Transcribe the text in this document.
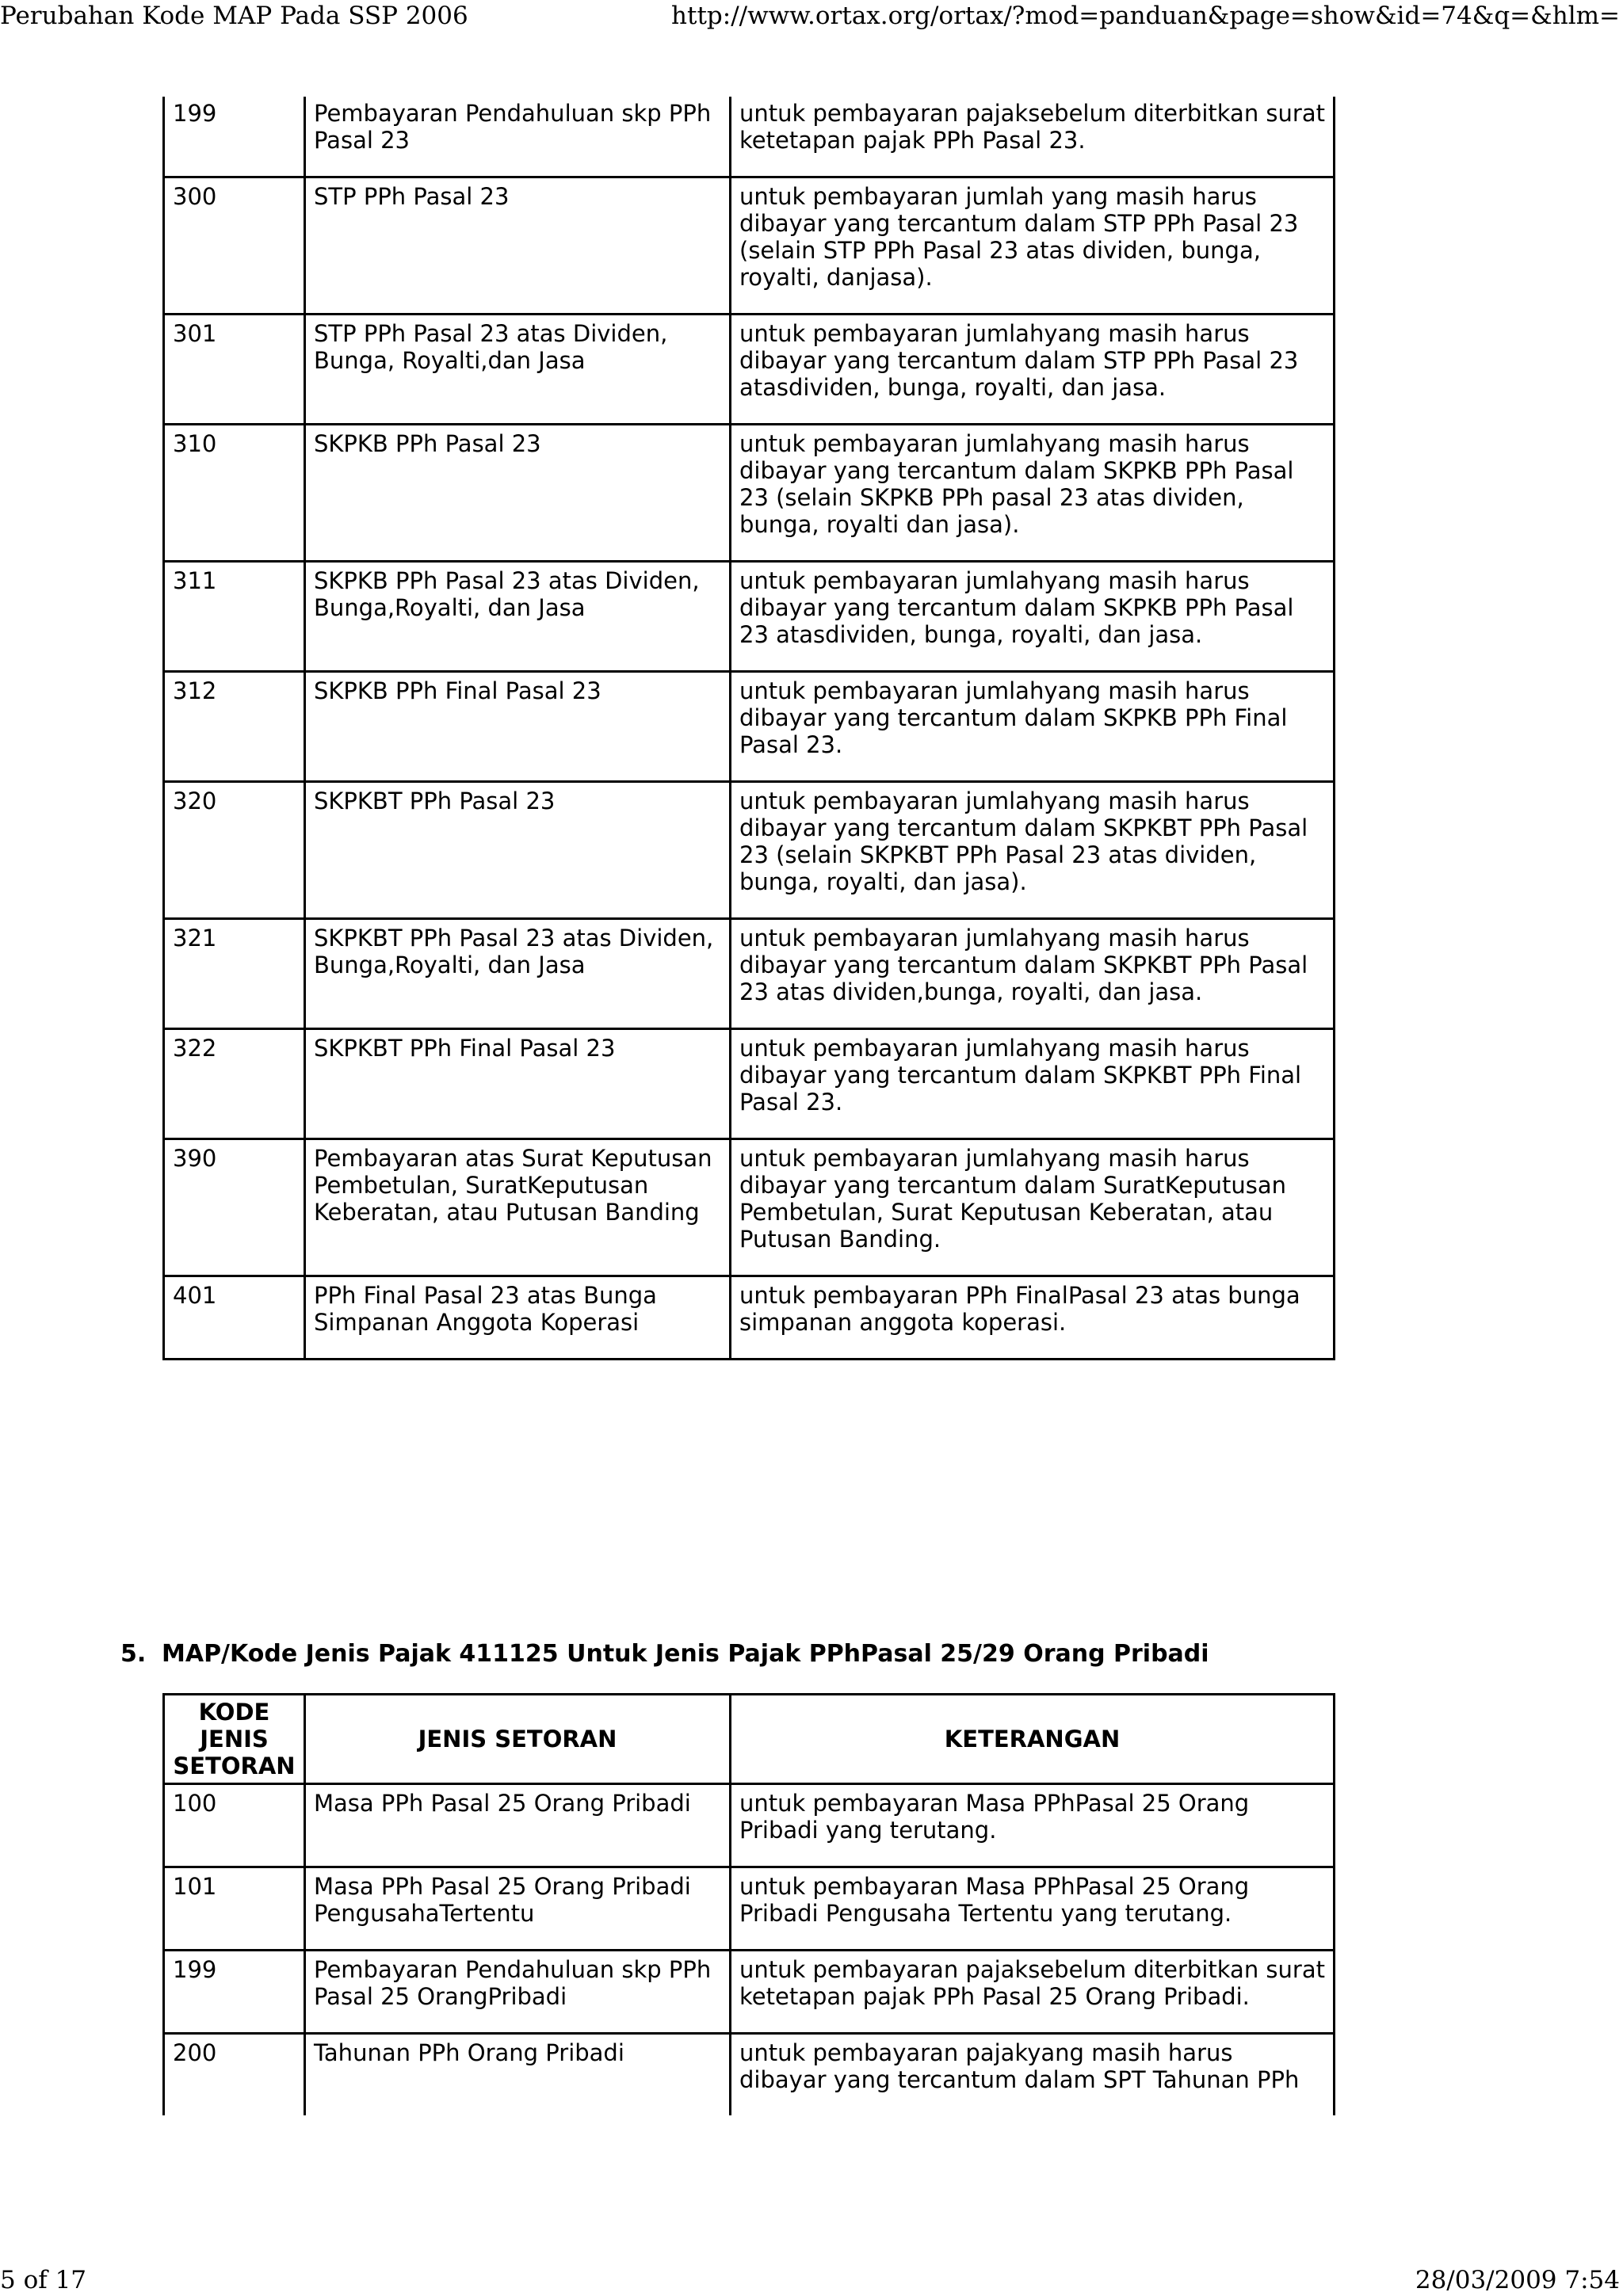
Perubahan Kode MAP Pada SSP 2006	http://www.ortax.org/ortax/?mod=panduan&page=show&id=74&q=&hlm=
199	Pembayaran Pendahuluan skp PPh Pasal 23	untuk pembayaran pajaksebelum diterbitkan surat ketetapan pajak PPh Pasal 23.
300	STP PPh Pasal 23	untuk pembayaran jumlah yang masih harus dibayar yang tercantum dalam STP PPh Pasal 23 (selain STP PPh Pasal 23 atas dividen, bunga, royalti, danjasa).
301	STP PPh Pasal 23 atas Dividen, Bunga, Royalti,dan Jasa	untuk pembayaran jumlahyang masih harus dibayar yang tercantum dalam STP PPh Pasal 23 atasdividen, bunga, royalti, dan jasa.
310	SKPKB PPh Pasal 23	untuk pembayaran jumlahyang masih harus dibayar yang tercantum dalam SKPKB PPh Pasal 23 (selain SKPKB PPh pasal 23 atas dividen, bunga, royalti dan jasa).
311	SKPKB PPh Pasal 23 atas Dividen, Bunga,Royalti, dan Jasa	untuk pembayaran jumlahyang masih harus dibayar yang tercantum dalam SKPKB PPh Pasal 23 atasdividen, bunga, royalti, dan jasa.
312	SKPKB PPh Final Pasal 23	untuk pembayaran jumlahyang masih harus dibayar yang tercantum dalam SKPKB PPh Final Pasal 23.
320	SKPKBT PPh Pasal 23	untuk pembayaran jumlahyang masih harus dibayar yang tercantum dalam SKPKBT PPh Pasal 23 (selain SKPKBT PPh Pasal 23 atas dividen, bunga, royalti, dan jasa).
321	SKPKBT PPh Pasal 23 atas Dividen, Bunga,Royalti, dan Jasa	untuk pembayaran jumlahyang masih harus dibayar yang tercantum dalam SKPKBT PPh Pasal 23 atas dividen,bunga, royalti, dan jasa.
322	SKPKBT PPh Final Pasal 23	untuk pembayaran jumlahyang masih harus dibayar yang tercantum dalam SKPKBT PPh Final Pasal 23.
390	Pembayaran atas Surat Keputusan Pembetulan, SuratKeputusan Keberatan, atau Putusan Banding	untuk pembayaran jumlahyang masih harus dibayar yang tercantum dalam SuratKeputusan Pembetulan, Surat Keputusan Keberatan, atau Putusan Banding.
401	PPh Final Pasal 23 atas Bunga Simpanan Anggota Koperasi	untuk pembayaran PPh FinalPasal 23 atas bunga simpanan anggota koperasi.
5. MAP/Kode Jenis Pajak 411125 Untuk Jenis Pajak PPhPasal 25/29 Orang Pribadi
KODE JENIS SETORAN	JENIS SETORAN	KETERANGAN
100	Masa PPh Pasal 25 Orang Pribadi	untuk pembayaran Masa PPhPasal 25 Orang Pribadi yang terutang.
101	Masa PPh Pasal 25 Orang Pribadi PengusahaTertentu	untuk pembayaran Masa PPhPasal 25 Orang Pribadi Pengusaha Tertentu yang terutang.
199	Pembayaran Pendahuluan skp PPh Pasal 25 OrangPribadi	untuk pembayaran pajaksebelum diterbitkan surat ketetapan pajak PPh Pasal 25 Orang Pribadi.
200	Tahunan PPh Orang Pribadi	untuk pembayaran pajakyang masih harus dibayar yang tercantum dalam SPT Tahunan PPh
5 of 17	28/03/2009 7:54
